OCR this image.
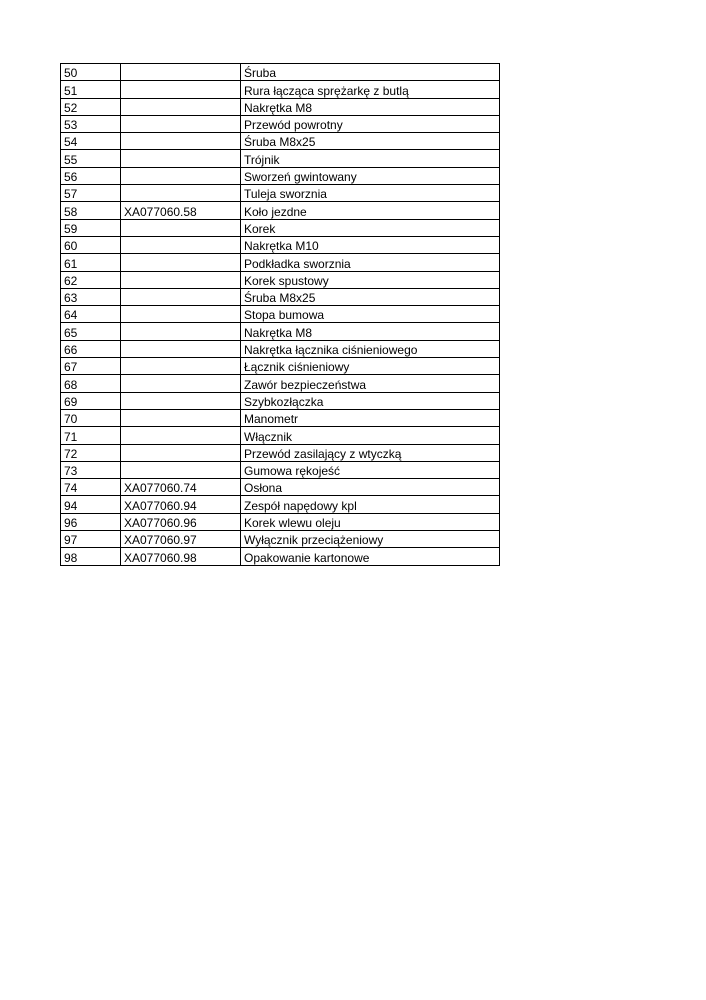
50		Śruba
51		Rura łącząca sprężarkę z butlą
52		Nakrętka M8
53		Przewód powrotny
54		Śruba M8x25
55		Trójnik
56		Sworzeń gwintowany
57		Tuleja sworznia
58	XA077060.58	Koło jezdne
59		Korek
60		Nakrętka M10
61		Podkładka sworznia
62		Korek spustowy
63		Śruba M8x25
64		Stopa bumowa
65		Nakrętka M8
66		Nakrętka łącznika ciśnieniowego
67		Łącznik ciśnieniowy
68		Zawór bezpieczeństwa
69		Szybkozłączka
70		Manometr
71		Włącznik
72		Przewód zasilający z wtyczką
73		Gumowa rękojeść
74	XA077060.74	Osłona
94	XA077060.94	Zespół napędowy kpl
96	XA077060.96	Korek wlewu oleju
97	XA077060.97	Wyłącznik przeciążeniowy
98	XA077060.98	Opakowanie kartonowe
